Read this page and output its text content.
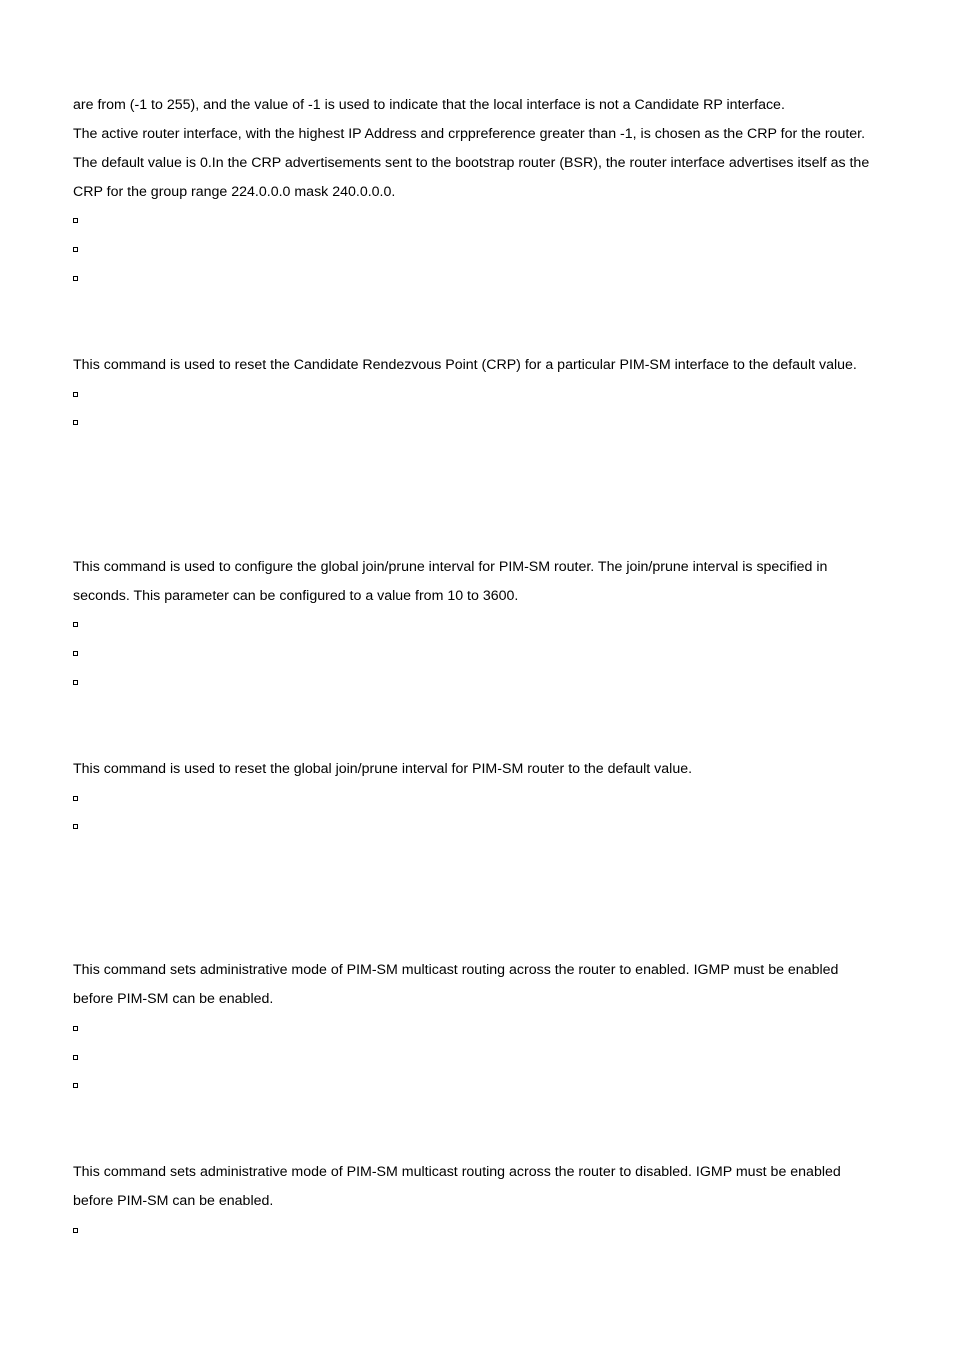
are from (-1 to 255), and the value of -1 is used to indicate that the local interface is not a Candidate RP interface.
The active router interface, with the highest IP Address and crppreference greater than -1, is chosen as the CRP for the router.
The default value is 0.In the CRP advertisements sent to the bootstrap router (BSR), the router interface advertises itself as the
CRP for the group range 224.0.0.0 mask 240.0.0.0.
This command is used to reset the Candidate Rendezvous Point (CRP) for a particular PIM-SM interface to the default value.
This command is used to configure the global join/prune interval for PIM-SM router. The join/prune interval is specified in
seconds. This parameter can be configured to a value from 10 to 3600.
This command is used to reset the global join/prune interval for PIM-SM router to the default value.
This command sets administrative mode of PIM-SM multicast routing across the router to enabled. IGMP must be enabled
before PIM-SM can be enabled.
This command sets administrative mode of PIM-SM multicast routing across the router to disabled. IGMP must be enabled
before PIM-SM can be enabled.
